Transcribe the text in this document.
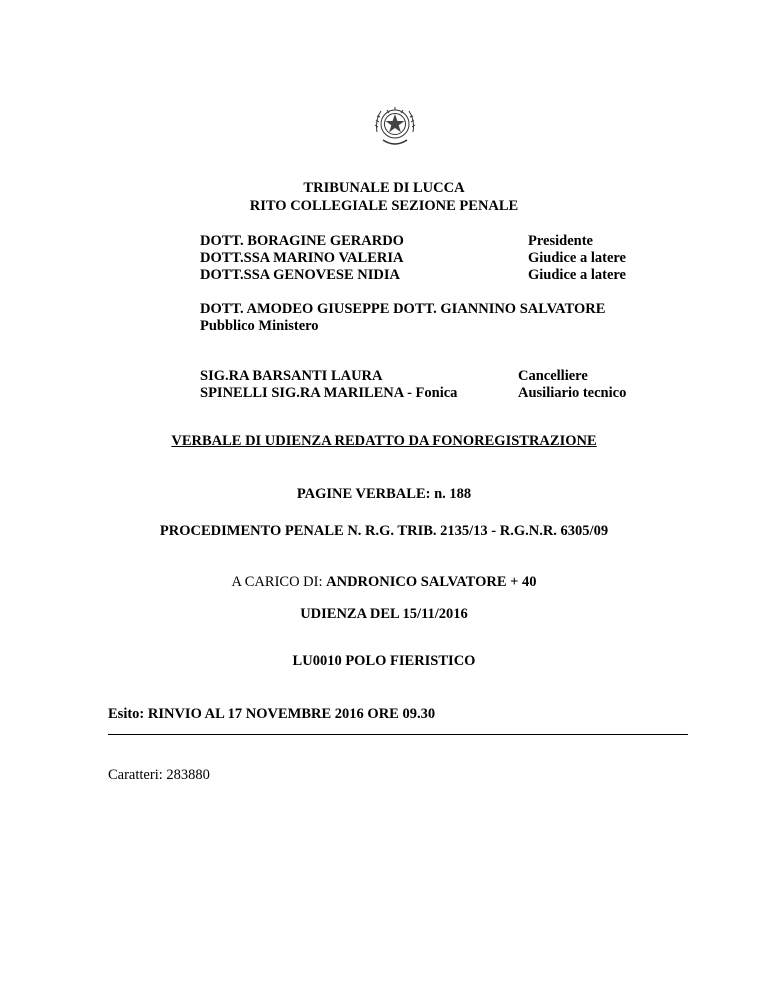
TRIBUNALE DI LUCCA
RITO COLLEGIALE SEZIONE PENALE
DOTT. BORAGINE GERARDO	Presidente
DOTT.SSA MARINO VALERIA	Giudice a latere
DOTT.SSA GENOVESE NIDIA	Giudice a latere
DOTT. AMODEO GIUSEPPE DOTT. GIANNINO SALVATORE
Pubblico Ministero
SIG.RA BARSANTI LAURA	Cancelliere
SPINELLI SIG.RA MARILENA - Fonica	Ausiliario tecnico
VERBALE DI UDIENZA REDATTO DA FONOREGISTRAZIONE
PAGINE VERBALE: n. 188
PROCEDIMENTO PENALE N. R.G. TRIB. 2135/13 - R.G.N.R. 6305/09
A CARICO DI: ANDRONICO SALVATORE + 40
UDIENZA DEL 15/11/2016
LU0010 POLO FIERISTICO
Esito: RINVIO AL 17 NOVEMBRE 2016 ORE 09.30
Caratteri: 283880
